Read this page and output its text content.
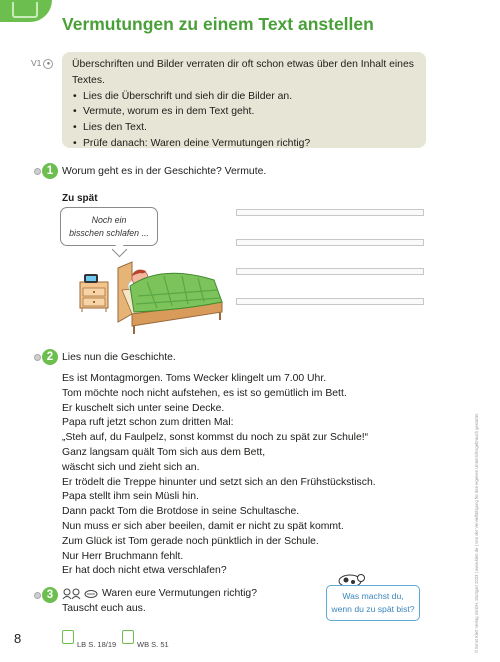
Vermutungen zu einem Text anstellen
V1 ●	Überschriften und Bilder verraten dir oft schon etwas über den Inhalt eines Textes.
• Lies die Überschrift und sieh dir die Bilder an.
• Vermute, worum es in dem Text geht.
• Lies den Text.
• Prüfe danach: Waren deine Vermutungen richtig?
1 Worum geht es in der Geschichte? Vermute.
Zu spät
Noch ein
bisschen schlafen ...
2 Lies nun die Geschichte.
Es ist Montagmorgen. Toms Wecker klingelt um 7.00 Uhr.
Tom möchte noch nicht aufstehen, es ist so gemütlich im Bett.
Er kuschelt sich unter seine Decke.
Papa ruft jetzt schon zum dritten Mal:
„Steh auf, du Faulpelz, sonst kommst du noch zu spät zur Schule!“
Ganz langsam quält Tom sich aus dem Bett,
wäscht sich und zieht sich an.
Er trödelt die Treppe hinunter und setzt sich an den Frühstückstisch.
Papa stellt ihm sein Müsli hin.
Dann packt Tom die Brotdose in seine Schultasche.
Nun muss er sich aber beeilen, damit er nicht zu spät kommt.
Zum Glück ist Tom gerade noch pünktlich in der Schule.
Nur Herr Bruchmann fehlt.
Er hat doch nicht etwa verschlafen?
3	Waren eure Vermutungen richtig?
Tauscht euch aus.
Was machst du,
wenn du zu spät bist?
8	LB S. 18/19	WB S. 51	© Ernst Klett Verlag GmbH, Stuttgart 2023 | www.klett.de | Von der Vervielfältigung für den eigenen Unterrichtsgebrauch gestattet.
